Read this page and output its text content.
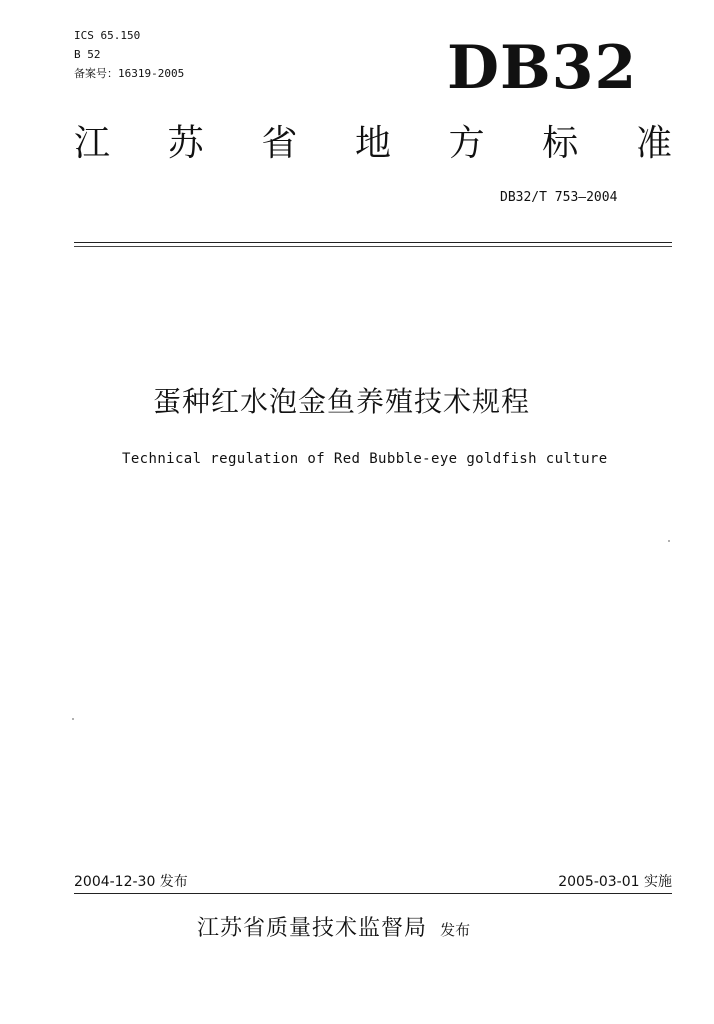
ICS 65.150
B 52
备案号：16319-2005	DB32
江 苏 省 地 方 标 准
DB32/T 753—2004
蛋种红水泡金鱼养殖技术规程
Technical regulation of Red Bubble-eye goldfish culture
2004-12-30 发布	2005-03-01 实施
江苏省质量技术监督局 发布
